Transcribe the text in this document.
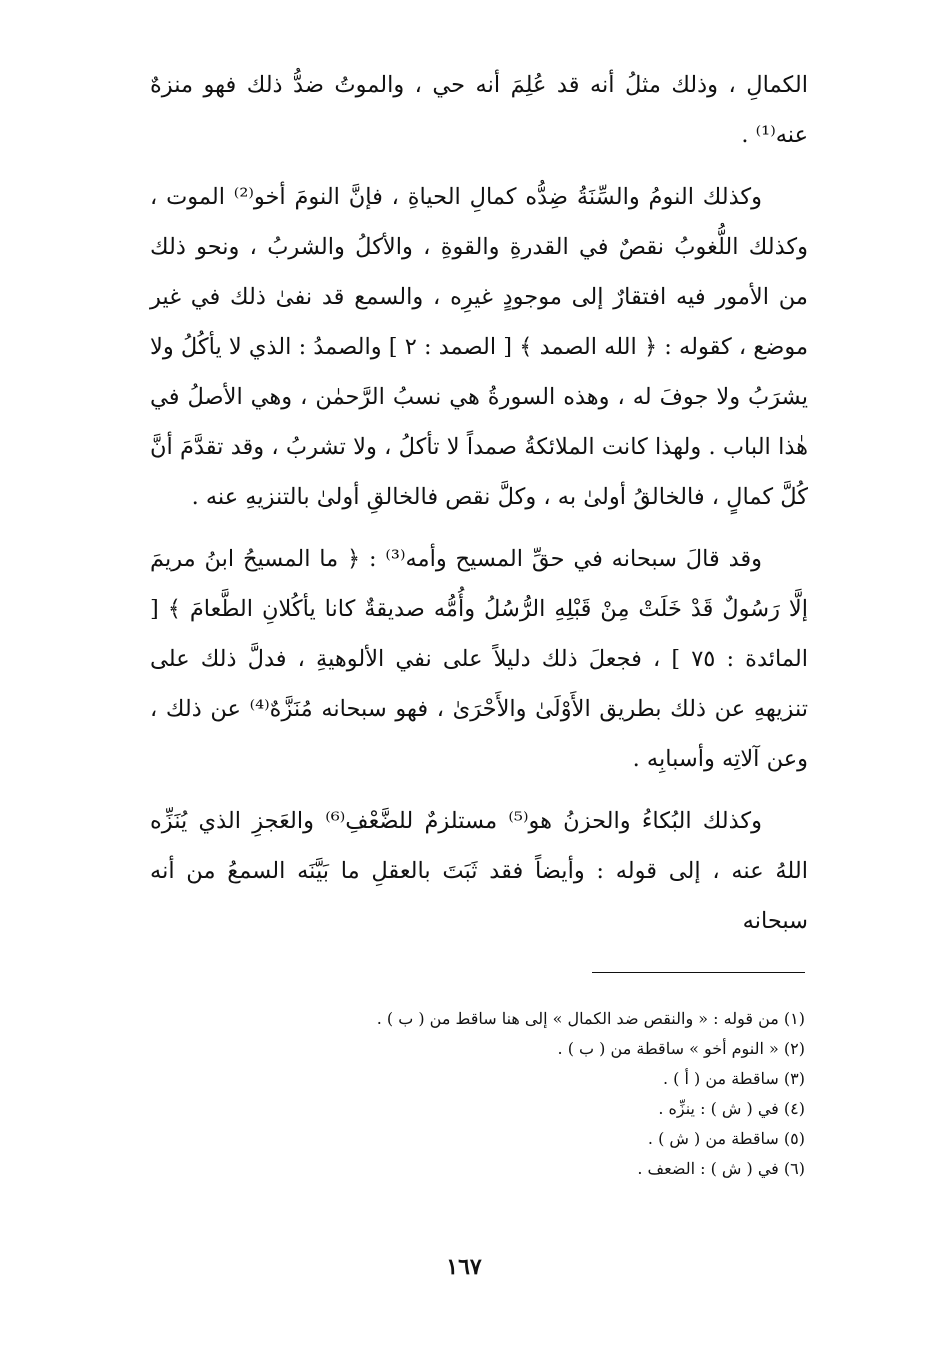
الكمالِ ، وذلك مثلُ أنه قد عُلِمَ أنه حي ، والموتُ ضدُّ ذلك فهو منزهٌ عنه⁽¹⁾ .

وكذلك النومُ والسِّنَةُ ضِدُّه كمالِ الحياةِ ، فإنَّ النومَ أخو⁽²⁾ الموت ، وكذلك اللُّغوبُ نقصٌ في القدرةِ والقوةِ ، والأكلُ والشربُ ، ونحو ذلك من الأمور فيه افتقارٌ إلى موجودٍ غيرِه ، والسمع قد نفىٰ ذلك في غير موضع ، كقوله : ﴿ الله الصمد ﴾ [ الصمد : ٢ ] والصمدُ : الذي لا يأكُلُ ولا يشرَبُ ولا جوفَ له ، وهذه السورةُ هي نسبُ الرَّحمٰن ، وهي الأصلُ في هٰذا الباب . ولهذا كانت الملائكةُ صمداً لا تأكلُ ، ولا تشربُ ، وقد تقدَّمَ أنَّ كُلَّ كمالٍ ، فالخالقُ أولىٰ به ، وكلَّ نقص فالخالقِ أولىٰ بالتنزيهِ عنه .

وقد قالَ سبحانه في حقِّ المسيح وأمه⁽³⁾ : ﴿ ما المسيحُ ابنُ مريمَ إلَّا رَسُولٌ قَدْ خَلَتْ مِنْ قَبْلِهِ الرُّسُلُ وأُمُّه صديقةٌ كانا يأكُلانِ الطَّعامَ ﴾ [ المائدة : ٧٥ ] ، فجعلَ ذلك دليلاً على نفي الألوهيةِ ، فدلَّ ذلك على تنزيههِ عن ذلك بطريق الأَوْلَىٰ والأَحْرَىٰ ، فهو سبحانه مُنَزَّهٌ⁽⁴⁾ عن ذلك ، وعن آلاتِه وأسبابِه .

وكذلك البُكاءُ والحزنُ هو⁽⁵⁾ مستلزمٌ للضَّعْفِ⁽⁶⁾ والعَجزِ الذي يُنَزِّه اللهُ عنه ، إلى قوله : وأيضاً فقد ثَبَتَ بالعقلِ ما بَيَّنَه السمعُ من أنه سبحانه

(١) من قوله : « والنقص ضد الكمال » إلى هنا ساقط من ( ب ) .
(٢) « النوم أخو » ساقطة من ( ب ) .
(٣) ساقطة من ( أ ) .
(٤) في ( ش ) : ينزِّه .
(٥) ساقطة من ( ش ) .
(٦) في ( ش ) : الضعف .
١٦٧
